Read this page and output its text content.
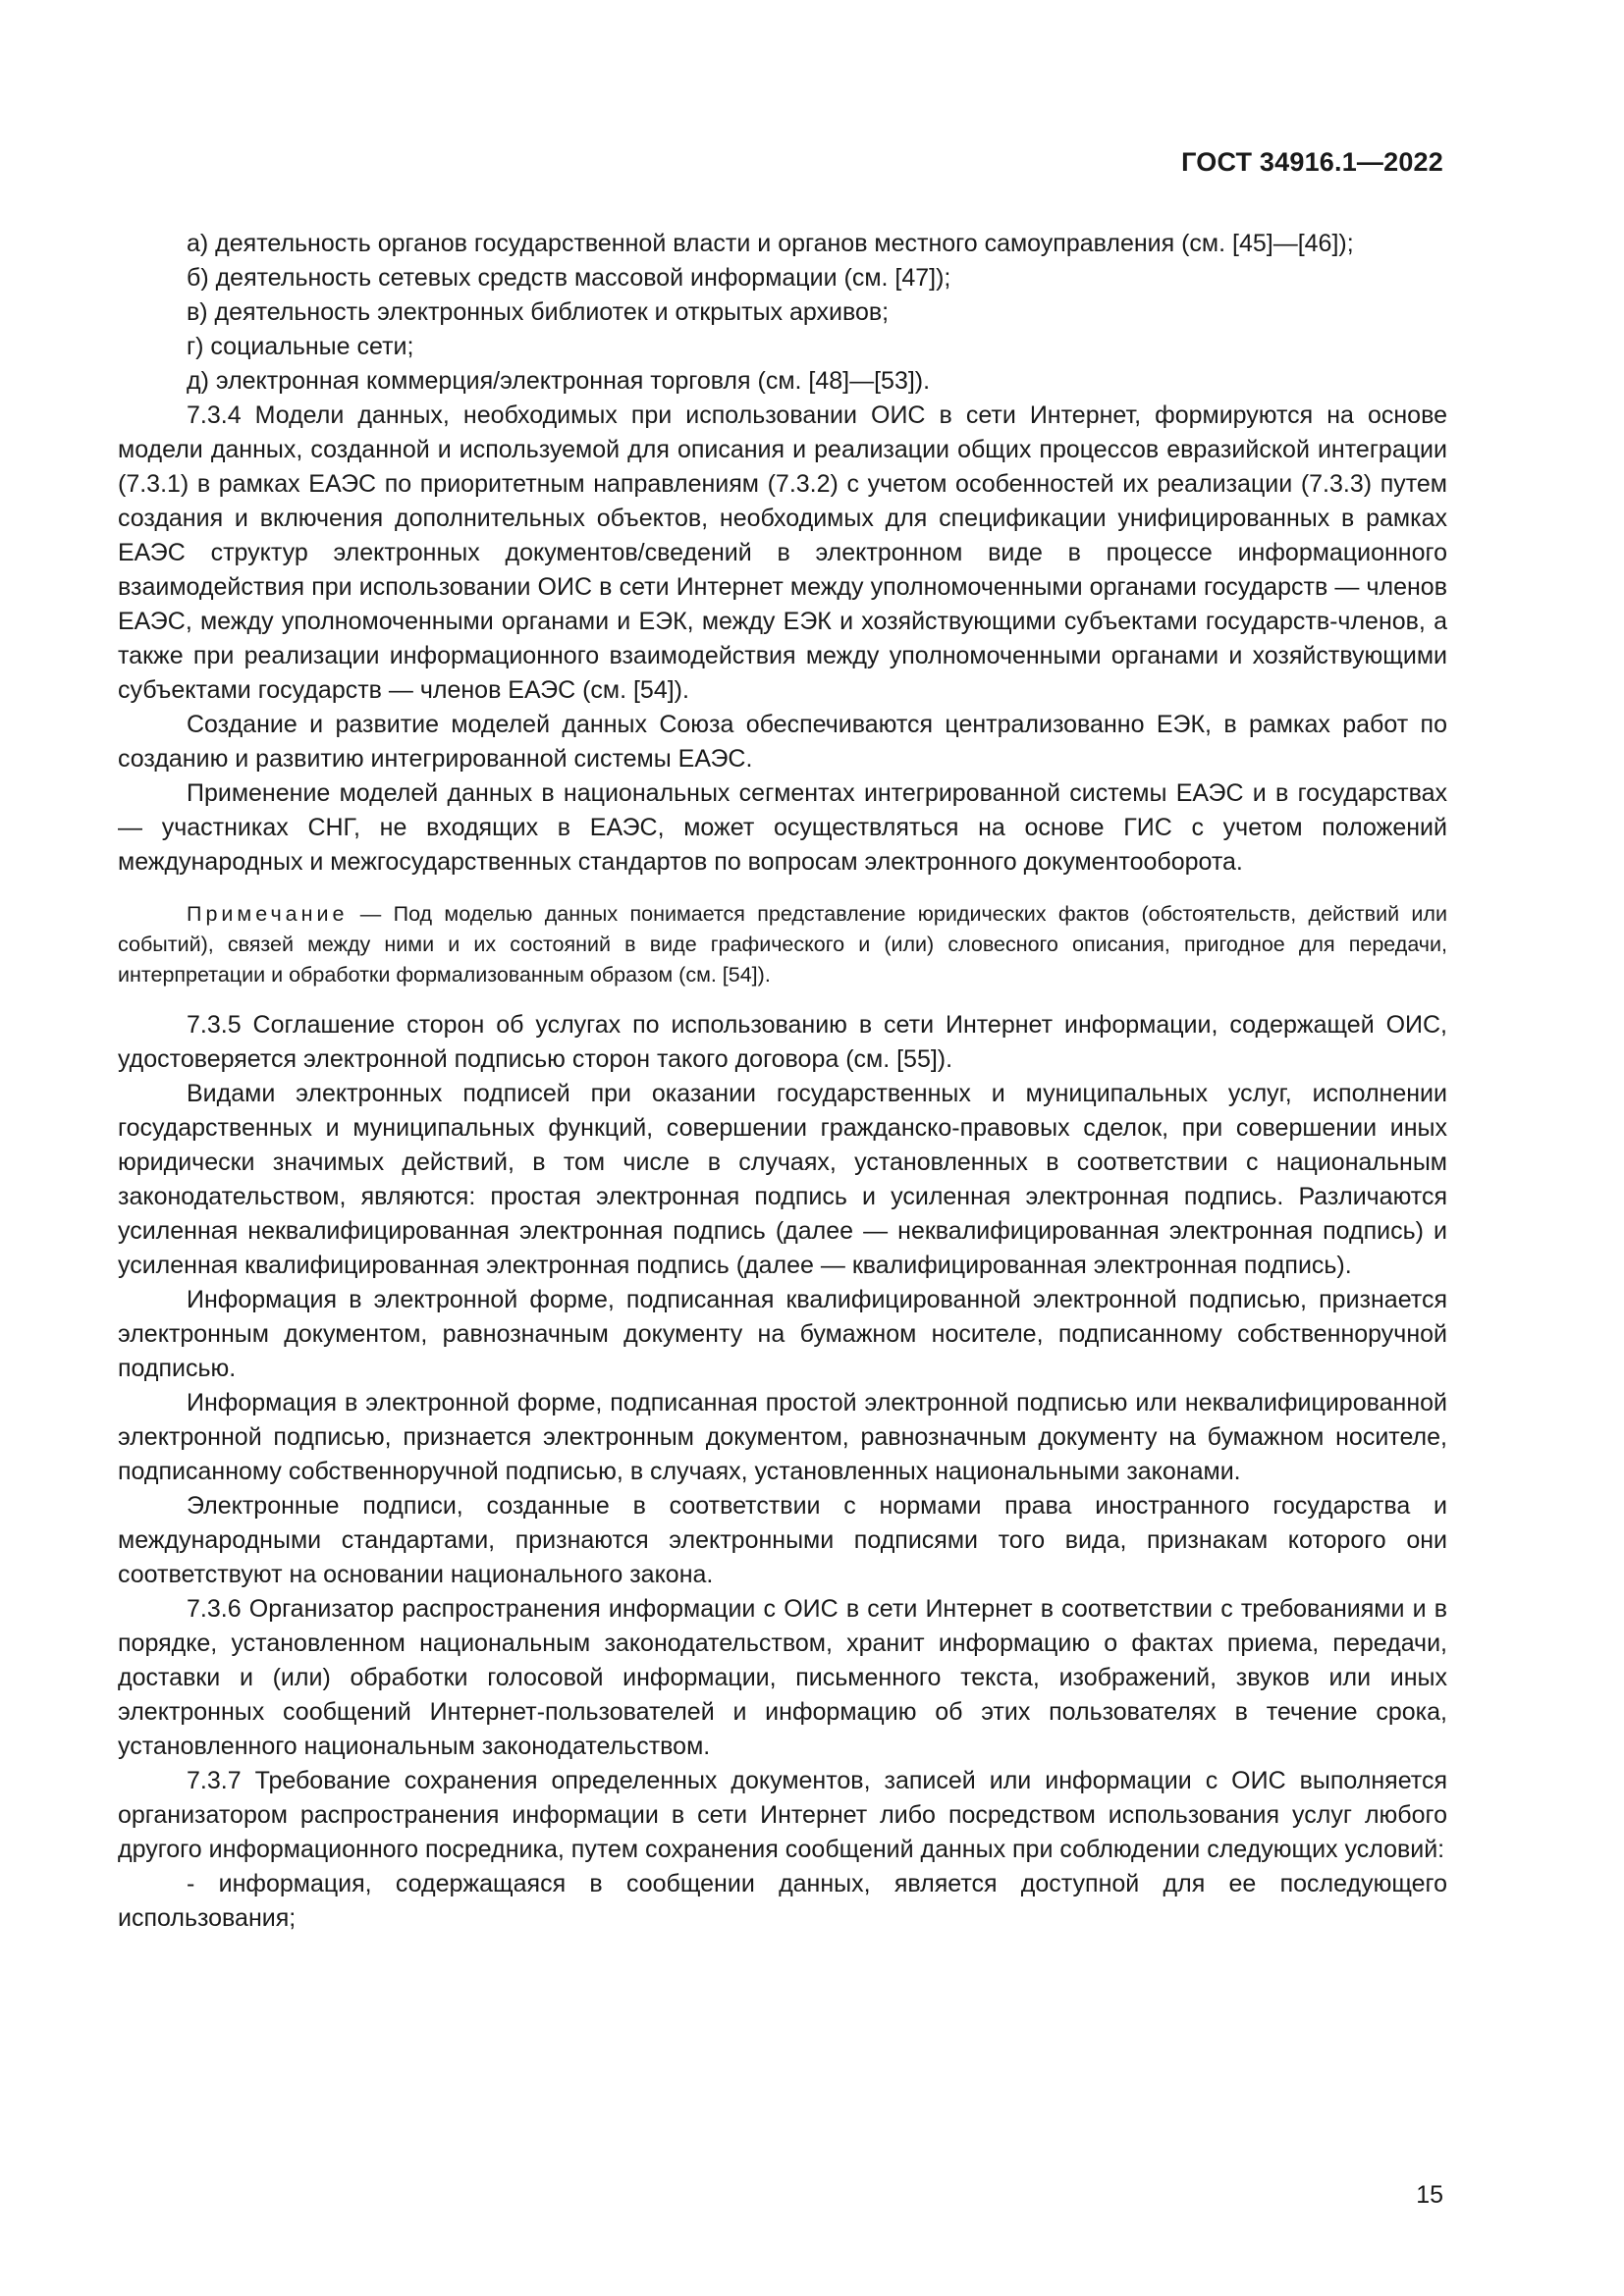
ГОСТ 34916.1—2022

а) деятельность органов государственной власти и органов местного самоуправления (см. [45]—[46]);

б) деятельность сетевых средств массовой информации (см. [47]);

в) деятельность электронных библиотек и открытых архивов;

г) социальные сети;

д) электронная коммерция/электронная торговля (см. [48]—[53]).

7.3.4 Модели данных, необходимых при использовании ОИС в сети Интернет, формируются на основе модели данных, созданной и используемой для описания и реализации общих процессов евразийской интеграции (7.3.1) в рамках ЕАЭС по приоритетным направлениям (7.3.2) с учетом особенностей их реализации (7.3.3) путем создания и включения дополнительных объектов, необходимых для спецификации унифицированных в рамках ЕАЭС структур электронных документов/сведений в электронном виде в процессе информационного взаимодействия при использовании ОИС в сети Интернет между уполномоченными органами государств — членов ЕАЭС, между уполномоченными органами и ЕЭК, между ЕЭК и хозяйствующими субъектами государств-членов, а также при реализации информационного взаимодействия между уполномоченными органами и хозяйствующими субъектами государств — членов ЕАЭС (см. [54]).

Создание и развитие моделей данных Союза обеспечиваются централизованно ЕЭК, в рамках работ по созданию и развитию интегрированной системы ЕАЭС.

Применение моделей данных в национальных сегментах интегрированной системы ЕАЭС и в государствах — участниках СНГ, не входящих в ЕАЭС, может осуществляться на основе ГИС с учетом положений международных и межгосударственных стандартов по вопросам электронного документооборота.

Примечание — Под моделью данных понимается представление юридических фактов (обстоятельств, действий или событий), связей между ними и их состояний в виде графического и (или) словесного описания, пригодное для передачи, интерпретации и обработки формализованным образом (см. [54]).

7.3.5 Соглашение сторон об услугах по использованию в сети Интернет информации, содержащей ОИС, удостоверяется электронной подписью сторон такого договора (см. [55]).

Видами электронных подписей при оказании государственных и муниципальных услуг, исполнении государственных и муниципальных функций, совершении гражданско-правовых сделок, при совершении иных юридически значимых действий, в том числе в случаях, установленных в соответствии с национальным законодательством, являются: простая электронная подпись и усиленная электронная подпись. Различаются усиленная неквалифицированная электронная подпись (далее — неквалифицированная электронная подпись) и усиленная квалифицированная электронная подпись (далее — квалифицированная электронная подпись).

Информация в электронной форме, подписанная квалифицированной электронной подписью, признается электронным документом, равнозначным документу на бумажном носителе, подписанному собственноручной подписью.

Информация в электронной форме, подписанная простой электронной подписью или неквалифицированной электронной подписью, признается электронным документом, равнозначным документу на бумажном носителе, подписанному собственноручной подписью, в случаях, установленных национальными законами.

Электронные подписи, созданные в соответствии с нормами права иностранного государства и международными стандартами, признаются электронными подписями того вида, признакам которого они соответствуют на основании национального закона.

7.3.6 Организатор распространения информации с ОИС в сети Интернет в соответствии с требованиями и в порядке, установленном национальным законодательством, хранит информацию о фактах приема, передачи, доставки и (или) обработки голосовой информации, письменного текста, изображений, звуков или иных электронных сообщений Интернет-пользователей и информацию об этих пользователях в течение срока, установленного национальным законодательством.

7.3.7 Требование сохранения определенных документов, записей или информации с ОИС выполняется организатором распространения информации в сети Интернет либо посредством использования услуг любого другого информационного посредника, путем сохранения сообщений данных при соблюдении следующих условий:

- информация, содержащаяся в сообщении данных, является доступной для ее последующего использования;

15
